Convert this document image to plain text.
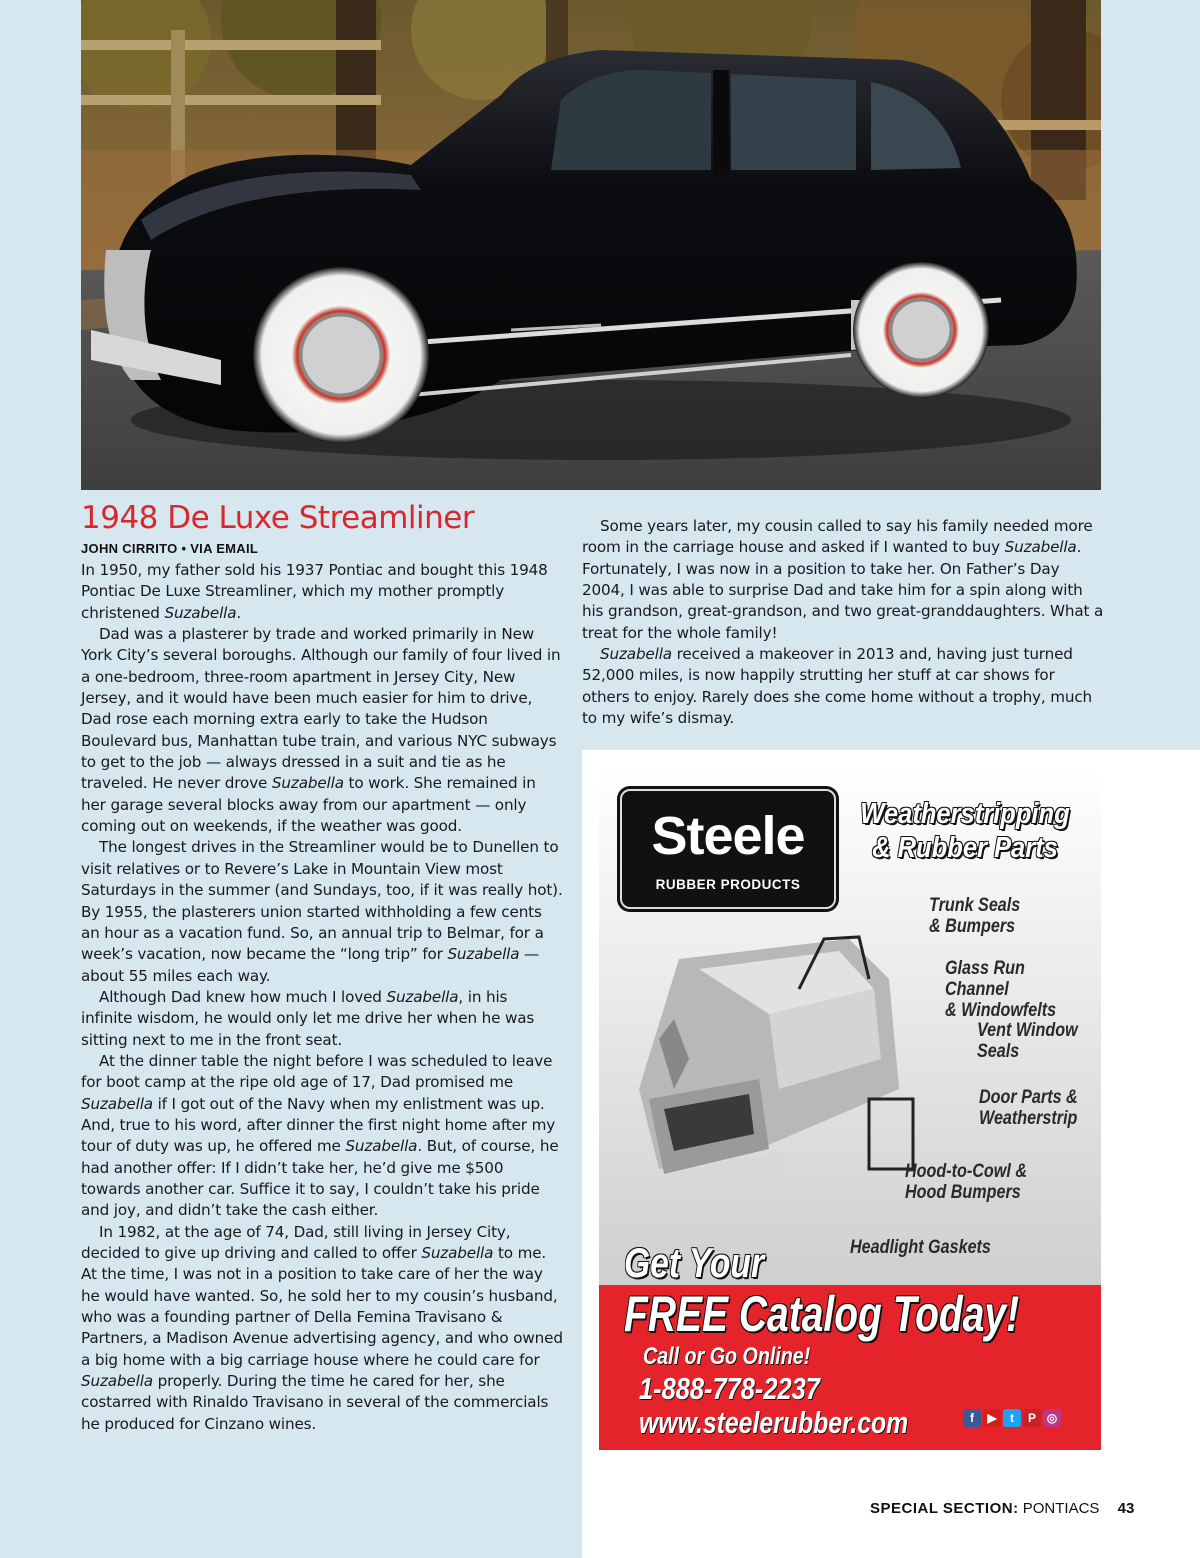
1948 De Luxe Streamliner
JOHN CIRRITO • VIA EMAIL

In 1950, my father sold his 1937 Pontiac and bought this 1948 Pontiac De Luxe Streamliner, which my mother promptly christened Suzabella.

Dad was a plasterer by trade and worked primarily in New York City’s several boroughs. Although our family of four lived in a one-bedroom, three-room apartment in Jersey City, New Jersey, and it would have been much easier for him to drive, Dad rose each morning extra early to take the Hudson Boulevard bus, Manhattan tube train, and various NYC subways to get to the job — always dressed in a suit and tie as he traveled. He never drove Suzabella to work. She remained in her garage several blocks away from our apartment — only coming out on weekends, if the weather was good.

The longest drives in the Streamliner would be to Dunellen to visit relatives or to Revere’s Lake in Mountain View most Saturdays in the summer (and Sundays, too, if it was really hot). By 1955, the plasterers union started withholding a few cents an hour as a vacation fund. So, an annual trip to Belmar, for a week’s vacation, now became the “long trip” for Suzabella — about 55 miles each way.

Although Dad knew how much I loved Suzabella, in his infinite wisdom, he would only let me drive her when he was sitting next to me in the front seat.

At the dinner table the night before I was scheduled to leave for boot camp at the ripe old age of 17, Dad promised me Suzabella if I got out of the Navy when my enlistment was up. And, true to his word, after dinner the first night home after my tour of duty was up, he offered me Suzabella. But, of course, he had another offer: If I didn’t take her, he’d give me $500 towards another car. Suffice it to say, I couldn’t take his pride and joy, and didn’t take the cash either.

In 1982, at the age of 74, Dad, still living in Jersey City, decided to give up driving and called to offer Suzabella to me. At the time, I was not in a position to take care of her the way he would have wanted. So, he sold her to my cousin’s husband, who was a founding partner of Della Femina Travisano & Partners, a Madison Avenue advertising agency, and who owned a big home with a big carriage house where he could care for Suzabella properly. During the time he cared for her, she costarred with Rinaldo Travisano in several of the commercials he produced for Cinzano wines.

Some years later, my cousin called to say his family needed more room in the carriage house and asked if I wanted to buy Suzabella. Fortunately, I was now in a position to take her. On Father’s Day 2004, I was able to surprise Dad and take him for a spin along with his grandson, great-grandson, and two great-granddaughters. What a treat for the whole family!

Suzabella received a makeover in 2013 and, having just turned 52,000 miles, is now happily strutting her stuff at car shows for others to enjoy. Rarely does she come home without a trophy, much to my wife’s dismay.

Steele
RUBBER PRODUCTS
Weatherstripping
& Rubber Parts
Trunk Seals
& Bumpers
Glass Run Channel
& Windowfelts
Vent Window
Seals
Door Parts &
Weatherstrip
Hood-to-Cowl &
Hood Bumpers
Headlight Gaskets
Get Your
FREE Catalog Today!
Call or Go Online!
1-888-778-2237
www.steelerubber.com	f	▶	t	P ◎
SPECIAL SECTION: PONTIACS 43
